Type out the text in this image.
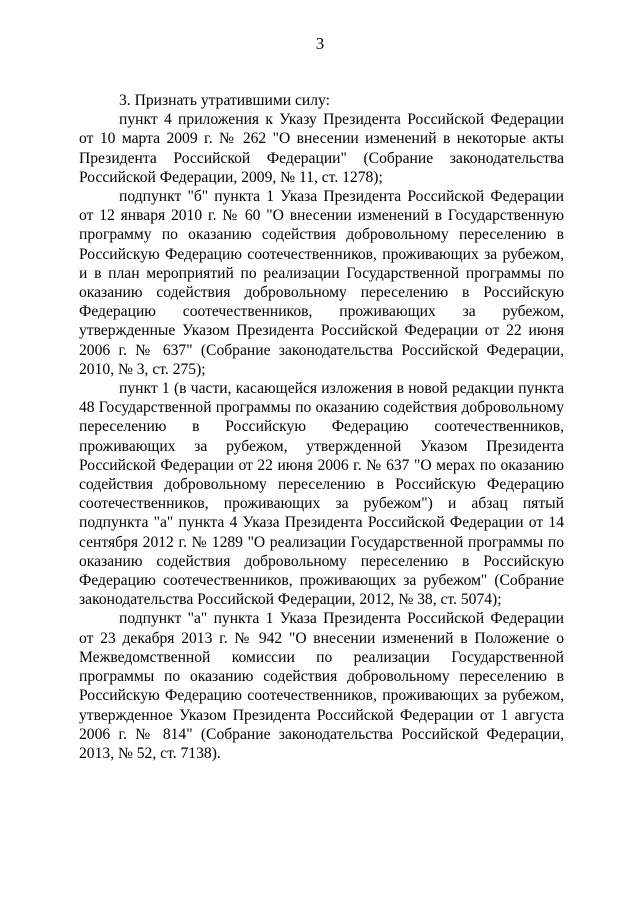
3

3. Признать утратившими силу:

пункт 4 приложения к Указу Президента Российской Федерации от 10 марта 2009 г. № 262 "О внесении изменений в некоторые акты Президента Российской Федерации" (Собрание законодательства Российской Федерации, 2009, № 11, ст. 1278);

подпункт "б" пункта 1 Указа Президента Российской Федерации от 12 января 2010 г. № 60 "О внесении изменений в Государственную программу по оказанию содействия добровольному переселению в Российскую Федерацию соотечественников, проживающих за рубежом, и в план мероприятий по реализации Государственной программы по оказанию содействия добровольному переселению в Российскую Федерацию соотечественников, проживающих за рубежом, утвержденные Указом Президента Российской Федерации от 22 июня 2006 г. № 637" (Собрание законодательства Российской Федерации, 2010, № 3, ст. 275);

пункт 1 (в части, касающейся изложения в новой редакции пункта 48 Государственной программы по оказанию содействия добровольному переселению в Российскую Федерацию соотечественников, проживающих за рубежом, утвержденной Указом Президента Российской Федерации от 22 июня 2006 г. № 637 "О мерах по оказанию содействия добровольному переселению в Российскую Федерацию соотечественников, проживающих за рубежом") и абзац пятый подпункта "а" пункта 4 Указа Президента Российской Федерации от 14 сентября 2012 г. № 1289 "О реализации Государственной программы по оказанию содействия добровольному переселению в Российскую Федерацию соотечественников, проживающих за рубежом" (Собрание законодательства Российской Федерации, 2012, № 38, ст. 5074);

подпункт "а" пункта 1 Указа Президента Российской Федерации от 23 декабря 2013 г. № 942 "О внесении изменений в Положение о Межведомственной комиссии по реализации Государственной программы по оказанию содействия добровольному переселению в Российскую Федерацию соотечественников, проживающих за рубежом, утвержденное Указом Президента Российской Федерации от 1 августа 2006 г. № 814" (Собрание законодательства Российской Федерации, 2013, № 52, ст. 7138).
